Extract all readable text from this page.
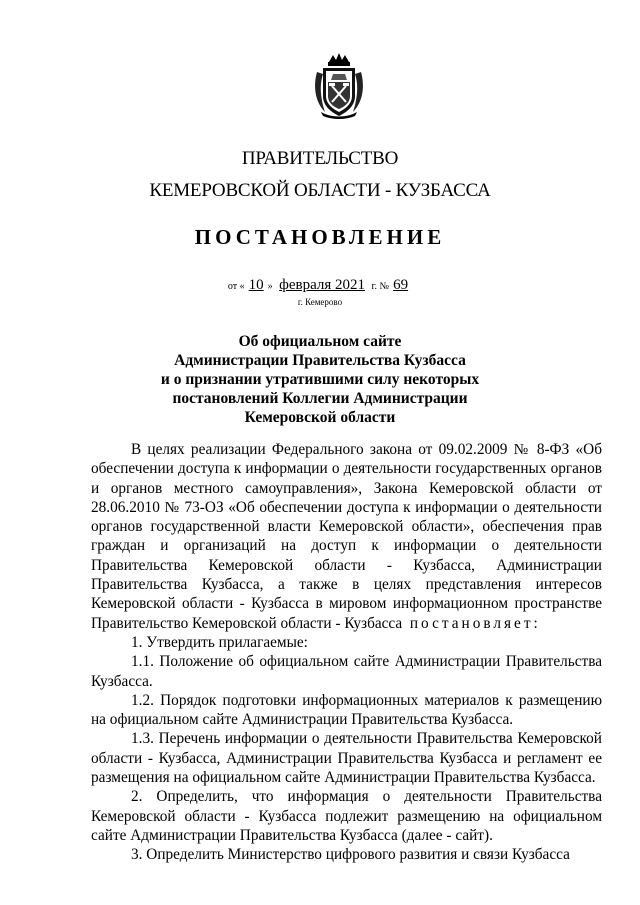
ПРАВИТЕЛЬСТВО
КЕМЕРОВСКОЙ ОБЛАСТИ - КУЗБАССА
ПОСТАНОВЛЕНИЕ
от « 10 » февраля 2021 г. № 69
г. Кемерово
Об официальном сайте
Администрации Правительства Кузбасса
и о признании утратившими силу некоторых
постановлений Коллегии Администрации
Кемеровской области

В целях реализации Федерального закона от 09.02.2009 № 8-ФЗ «Об обеспечении доступа к информации о деятельности государственных органов и органов местного самоуправления», Закона Кемеровской области от 28.06.2010 № 73-ОЗ «Об обеспечении доступа к информации о деятельности органов государственной власти Кемеровской области», обеспечения прав граждан и организаций на доступ к информации о деятельности Правительства Кемеровской области - Кузбасса, Администрации Правительства Кузбасса, а также в целях представления интересов Кемеровской области - Кузбасса в мировом информационном пространстве Правительство Кемеровской области - Кузбасса постановляет:

1. Утвердить прилагаемые:

1.1. Положение об официальном сайте Администрации Правительства Кузбасса.

1.2. Порядок подготовки информационных материалов к размещению на официальном сайте Администрации Правительства Кузбасса.

1.3. Перечень информации о деятельности Правительства Кемеровской области - Кузбасса, Администрации Правительства Кузбасса и регламент ее размещения на официальном сайте Администрации Правительства Кузбасса.

2. Определить, что информация о деятельности Правительства Кемеровской области - Кузбасса подлежит размещению на официальном сайте Администрации Правительства Кузбасса (далее - сайт).

3. Определить Министерство цифрового развития и связи Кузбасса
